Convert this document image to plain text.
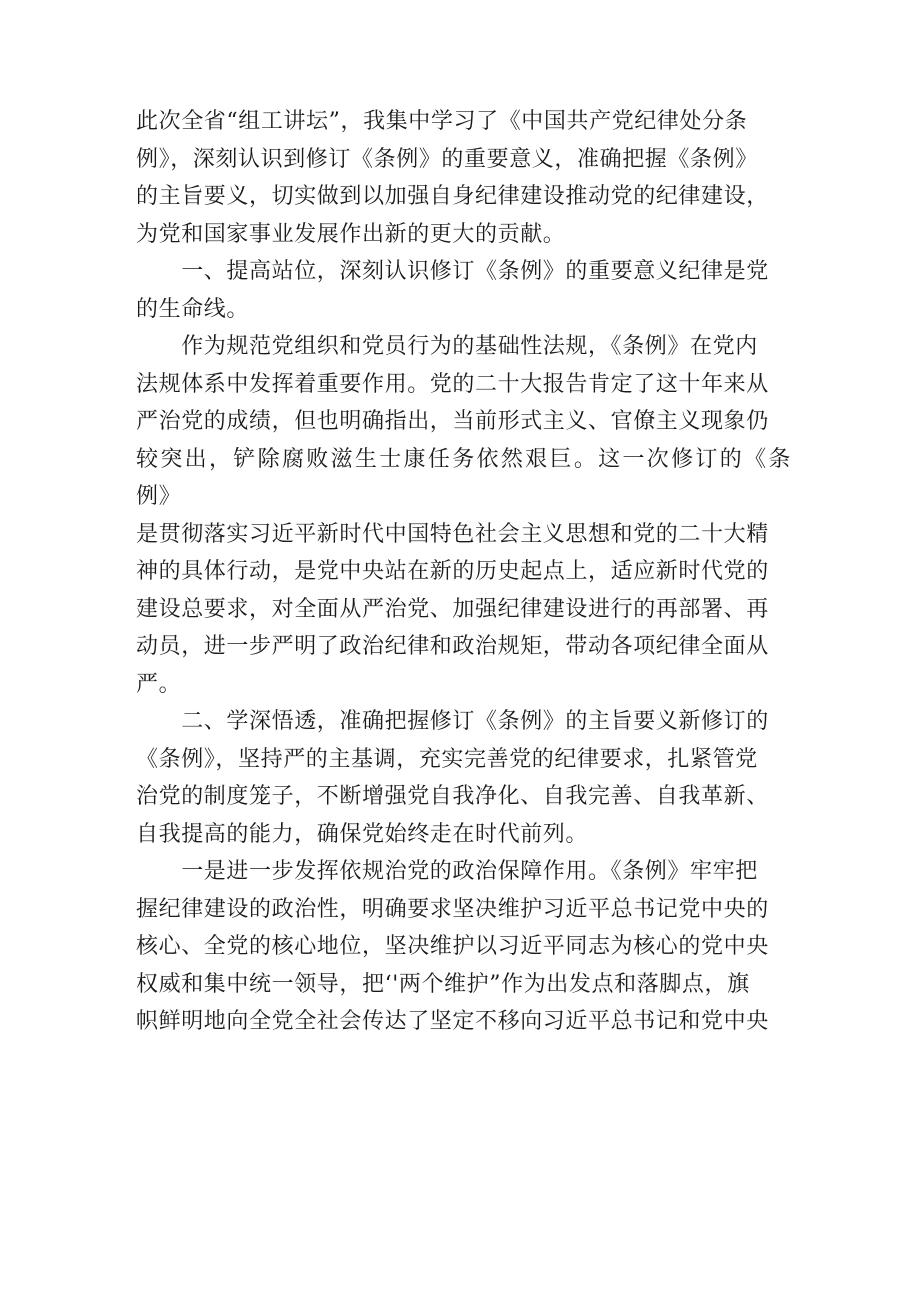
此次全省“组工讲坛”，我集中学习了《中国共产党纪律处分条
例》，深刻认识到修订《条例》的重要意义，准确把握《条例》
的主旨要义，切实做到以加强自身纪律建设推动党的纪律建设，
为党和国家事业发展作出新的更大的贡献。

　　一、提高站位，深刻认识修订《条例》的重要意义纪律是党
的生命线。

　　作为规范党组织和党员行为的基础性法规，《条例》在党内
法规体系中发挥着重要作用。党的二十大报告肯定了这十年来从
严治党的成绩，但也明确指出，当前形式主义、官僚主义现象仍
较突出，铲除腐败滋生士康任务依然艰巨。这一次修订的《条例》
是贯彻落实习近平新时代中国特色社会主义思想和党的二十大精
神的具体行动，是党中央站在新的历史起点上，适应新时代党的
建设总要求，对全面从严治党、加强纪律建设进行的再部署、再
动员，进一步严明了政治纪律和政治规矩，带动各项纪律全面从
严。

　　二、学深悟透，准确把握修订《条例》的主旨要义新修订的
《条例》，坚持严的主基调，充实完善党的纪律要求，扎紧管党
治党的制度笼子，不断增强党自我净化、自我完善、自我革新、
自我提高的能力，确保党始终走在时代前列。

　　一是进一步发挥依规治党的政治保障作用。《条例》牢牢把
握纪律建设的政治性，明确要求坚决维护习近平总书记党中央的
核心、全党的核心地位，坚决维护以习近平同志为核心的党中央
权威和集中统一领导，把‘'两个维护”作为出发点和落脚点，旗
帜鲜明地向全党全社会传达了坚定不移向习近平总书记和党中央
